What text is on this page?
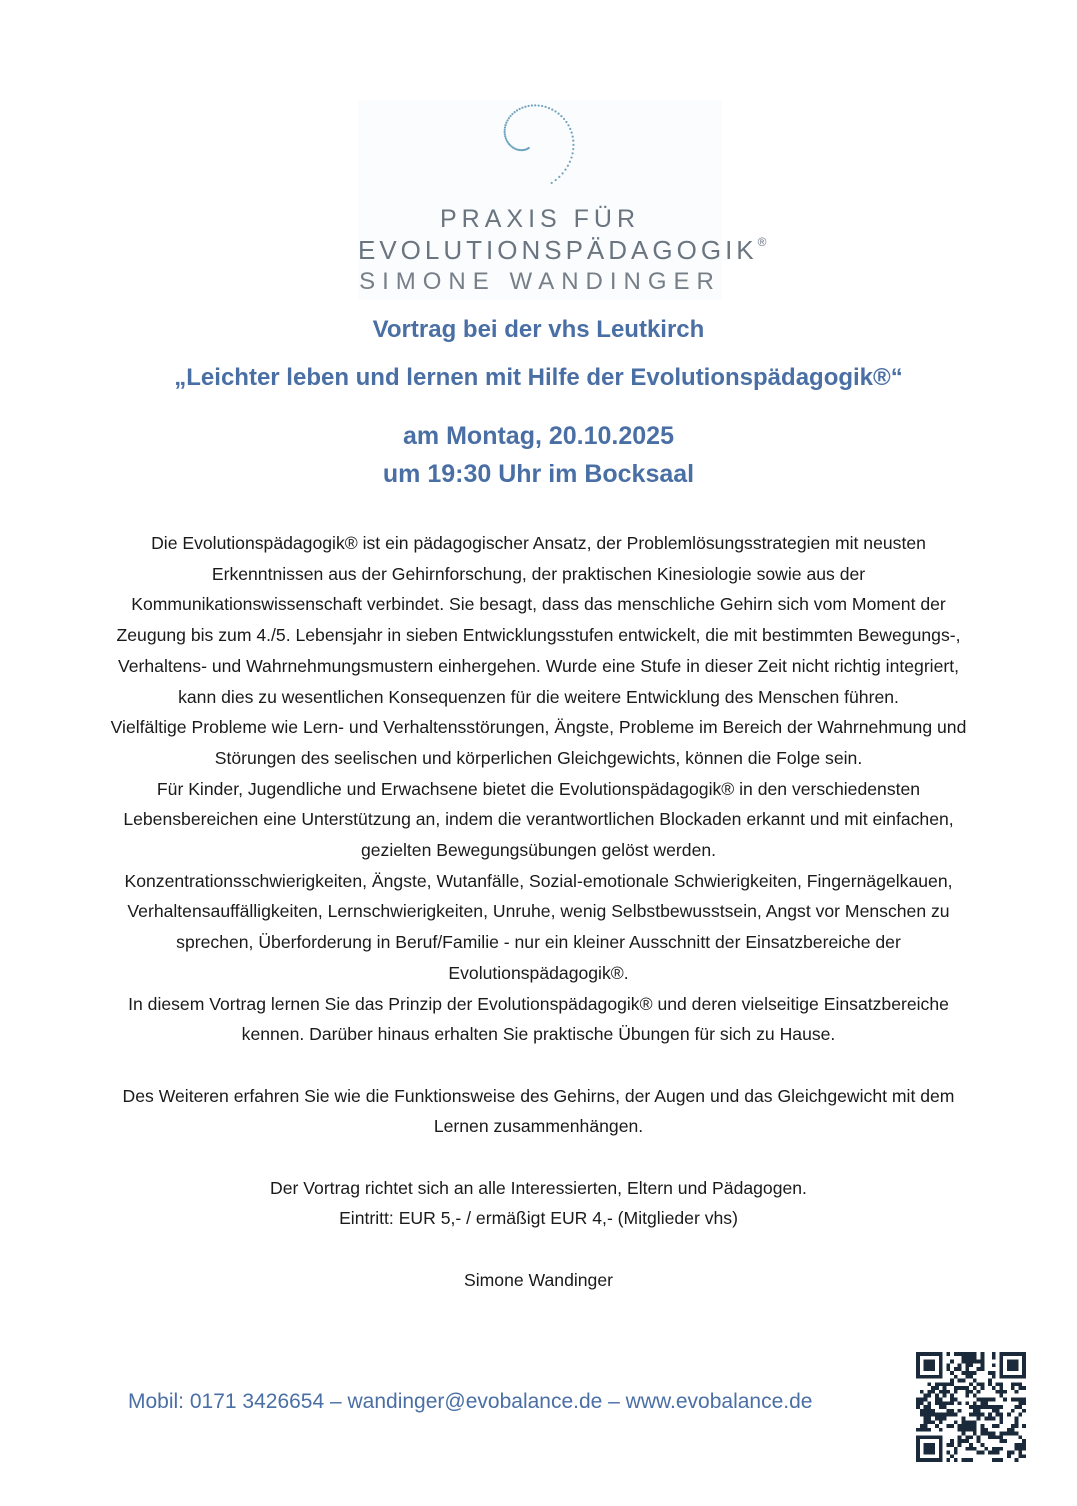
PRAXIS FÜR
EVOLUTIONSPÄDAGOGIK®
SIMONE WANDINGER
Vortrag bei der vhs Leutkirch
„Leichter leben und lernen mit Hilfe der Evolutionspädagogik®“
am Montag, 20.10.2025
um 19:30 Uhr im Bocksaal

Die Evolutionspädagogik® ist ein pädagogischer Ansatz, der Problemlösungsstrategien mit neusten Erkenntnissen aus der Gehirnforschung, der praktischen Kinesiologie sowie aus der Kommunikationswissenschaft verbindet. Sie besagt, dass das menschliche Gehirn sich vom Moment der Zeugung bis zum 4./5. Lebensjahr in sieben Entwicklungsstufen entwickelt, die mit bestimmten Bewegungs-, Verhaltens- und Wahrnehmungsmustern einhergehen. Wurde eine Stufe in dieser Zeit nicht richtig integriert, kann dies zu wesentlichen Konsequenzen für die weitere Entwicklung des Menschen führen.

Vielfältige Probleme wie Lern- und Verhaltensstörungen, Ängste, Probleme im Bereich der Wahrnehmung und Störungen des seelischen und körperlichen Gleichgewichts, können die Folge sein.

Für Kinder, Jugendliche und Erwachsene bietet die Evolutionspädagogik® in den verschiedensten Lebensbereichen eine Unterstützung an, indem die verantwortlichen Blockaden erkannt und mit einfachen, gezielten Bewegungsübungen gelöst werden.

Konzentrationsschwierigkeiten, Ängste, Wutanfälle, Sozial-emotionale Schwierigkeiten, Fingernägelkauen, Verhaltensauffälligkeiten, Lernschwierigkeiten, Unruhe, wenig Selbstbewusstsein, Angst vor Menschen zu sprechen, Überforderung in Beruf/Familie - nur ein kleiner Ausschnitt der Einsatzbereiche der Evolutionspädagogik®.

In diesem Vortrag lernen Sie das Prinzip der Evolutionspädagogik® und deren vielseitige Einsatzbereiche kennen. Darüber hinaus erhalten Sie praktische Übungen für sich zu Hause.

Des Weiteren erfahren Sie wie die Funktionsweise des Gehirns, der Augen und das Gleichgewicht mit dem Lernen zusammenhängen.

Der Vortrag richtet sich an alle Interessierten, Eltern und Pädagogen.

Eintritt: EUR 5,- / ermäßigt EUR 4,- (Mitglieder vhs)

Simone Wandinger

Mobil: 0171 3426654 – wandinger@evobalance.de – www.evobalance.de
